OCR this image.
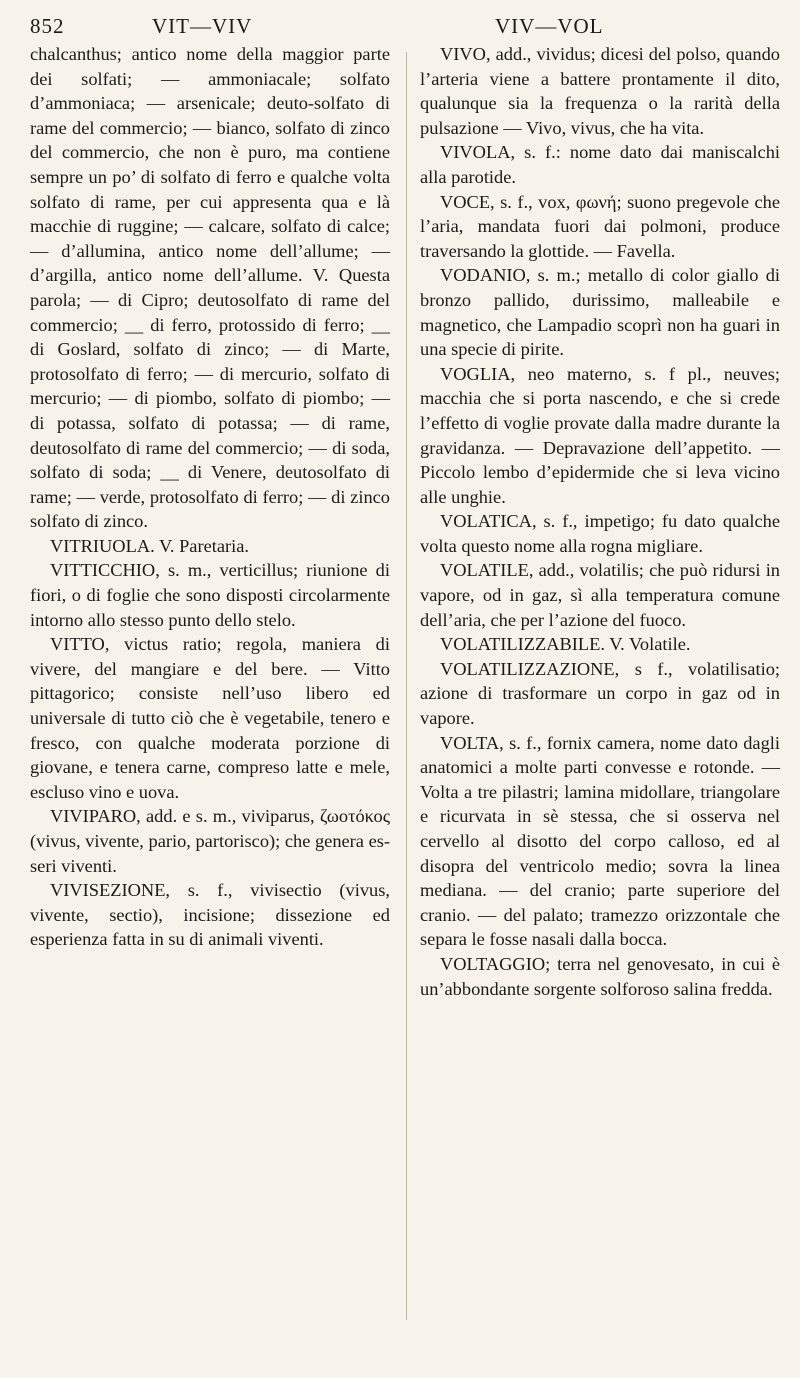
852	VIT—VIV	VIV—VOL

chalcanthus; antico nome della maggior parte dei solfati; — ammoniacale; solfato d’ammoniaca; — arsenicale; deuto-solfato di rame del commercio; — bianco, solfato di zinco del commercio, che non è puro, ma contiene sempre un po’ di solfato di ferro e qualche volta solfato di rame, per cui appresenta qua e là macchie di ruggine; — calcare, solfato di calce; — d’allumina, antico nome dell’allume; — d’argilla, antico nome dell’allume. V. Questa parola; — di Cipro; deutosolfato di rame del commercio; __ di ferro, protossido di ferro; __ di Goslard, solfato di zinco; — di Marte, protosolfato di ferro; — di mercurio, solfato di mercurio; — di piombo, solfato di piombo; — di potassa, solfato di potassa; — di rame, deutosolfato di rame del commercio; — di soda, solfato di soda; __ di Venere, deutosolfato di rame; — verde, protosolfato di ferro; — di zinco solfato di zinco.

VITRIUOLA. V. Paretaria.

VITTICCHIO, s. m., verticillus; riunione di fiori, o di foglie che sono disposti circolarmente intorno allo stesso punto dello stelo.

VITTO, victus ratio; regola, maniera di vivere, del mangiare e del bere. — Vitto pittagorico; consiste nell’uso libero ed universale di tutto ciò che è vegetabile, tenero e fresco, con qualche moderata porzione di giovane, e tenera carne, compreso latte e mele, escluso vino e uova.

VIVIPARO, add. e s. m., viviparus, ζωοτόκος (vivus, vivente, pario, partorisco); che genera esseri viventi.

VIVISEZIONE, s. f., vivisectio (vivus, vivente, sectio), incisione; dissezione ed esperienza fatta in su di animali viventi.

VIVO, add., vividus; dicesi del polso, quando l’arteria viene a battere prontamente il dito, qualunque sia la frequenza o la rarità della pulsazione — Vivo, vivus, che ha vita.

VIVOLA, s. f.: nome dato dai maniscalchi alla parotide.

VOCE, s. f., vox, φωνή; suono pregevole che l’aria, mandata fuori dai polmoni, produce traversando la glottide. — Favella.

VODANIO, s. m.; metallo di color giallo di bronzo pallido, durissimo, malleabile e magnetico, che Lampadio scoprì non ha guari in una specie di pirite.

VOGLIA, neo materno, s. f pl., neuves; macchia che si porta nascendo, e che si crede l’effetto di voglie provate dalla madre durante la gravidanza. — Depravazione dell’appetito. — Piccolo lembo d’epidermide che si leva vicino alle unghie.

VOLATICA, s. f., impetigo; fu dato qualche volta questo nome alla rogna migliare.

VOLATILE, add., volatilis; che può ridursi in vapore, od in gaz, sì alla temperatura comune dell’aria, che per l’azione del fuoco.

VOLATILIZZABILE. V. Volatile.

VOLATILIZZAZIONE, s f., volatilisatio; azione di trasformare un corpo in gaz od in vapore.

VOLTA, s. f., fornix camera, nome dato dagli anatomici a molte parti convesse e rotonde. — Volta a tre pilastri; lamina midollare, triangolare e ricurvata in sè stessa, che si osserva nel cervello al disotto del corpo calloso, ed al disopra del ventricolo medio; sovra la linea mediana. — del cranio; parte superiore del cranio. — del palato; tramezzo orizzontale che separa le fosse nasali dalla bocca.

VOLTAGGIO; terra nel genovesato, in cui è un’abbondante sorgente solforoso salina fredda.
